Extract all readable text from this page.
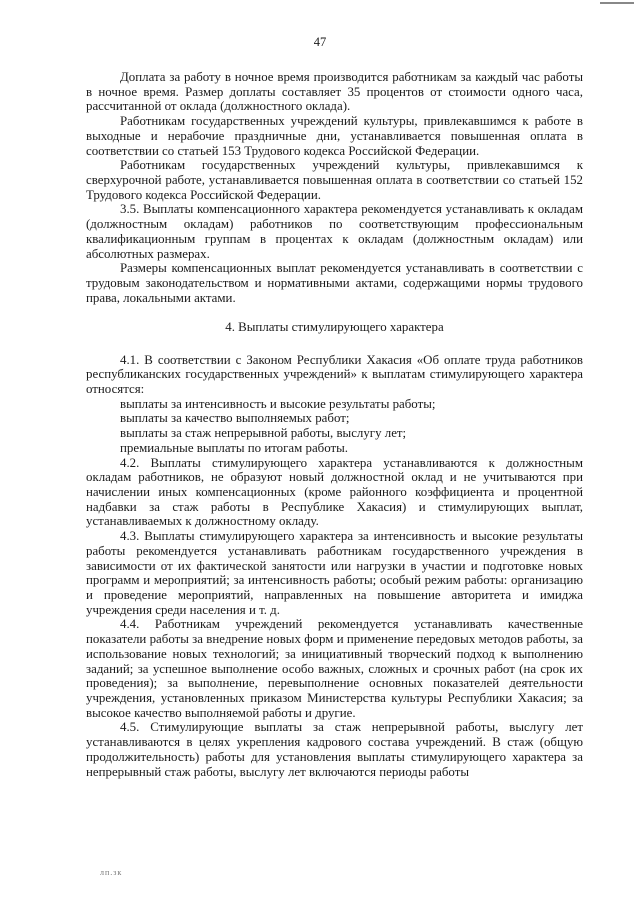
47

Доплата за работу в ночное время производится работникам за каждый час работы в ночное время. Размер доплаты составляет 35 процентов от стоимости одного часа, рассчитанной от оклада (должностного оклада).

Работникам государственных учреждений культуры, привлекавшимся к работе в выходные и нерабочие праздничные дни, устанавливается повышенная оплата в соответствии со статьей 153 Трудового кодекса Российской Федерации.

Работникам государственных учреждений культуры, привлекавшимся к сверхурочной работе, устанавливается повышенная оплата в соответствии со статьей 152 Трудового кодекса Российской Федерации.

3.5. Выплаты компенсационного характера рекомендуется устанавливать к окладам (должностным окладам) работников по соответствующим профессиональным квалификационным группам в процентах к окладам (должностным окладам) или абсолютных размерах.

Размеры компенсационных выплат рекомендуется устанавливать в соответствии с трудовым законодательством и нормативными актами, содержащими нормы трудового права, локальными актами.

4. Выплаты стимулирующего характера

4.1. В соответствии с Законом Республики Хакасия «Об оплате труда работников республиканских государственных учреждений» к выплатам стимулирующего характера относятся:

выплаты за интенсивность и высокие результаты работы;

выплаты за качество выполняемых работ;

выплаты за стаж непрерывной работы, выслугу лет;

премиальные выплаты по итогам работы.

4.2. Выплаты стимулирующего характера устанавливаются к должностным окладам работников, не образуют новый должностной оклад и не учитываются при начислении иных компенсационных (кроме районного коэффициента и процентной надбавки за стаж работы в Республике Хакасия) и стимулирующих выплат, устанавливаемых к должностному окладу.

4.3. Выплаты стимулирующего характера за интенсивность и высокие результаты работы рекомендуется устанавливать работникам государственного учреждения в зависимости от их фактической занятости или нагрузки в участии и подготовке новых программ и мероприятий; за интенсивность работы; особый режим работы: организацию и проведение мероприятий, направленных на повышение авторитета и имиджа учреждения среди населения и т. д.

4.4. Работникам учреждений рекомендуется устанавливать качественные показатели работы за внедрение новых форм и применение передовых методов работы, за использование новых технологий; за инициативный творческий подход к выполнению заданий; за успешное выполнение особо важных, сложных и срочных работ (на срок их проведения); за выполнение, перевыполнение основных показателей деятельности учреждения, установленных приказом Министерства культуры Республики Хакасия; за высокое качество выполняемой работы и другие.

4.5. Стимулирующие выплаты за стаж непрерывной работы, выслугу лет устанавливаются в целях укрепления кадрового состава учреждений. В стаж (общую продолжительность) работы для установления выплаты стимулирующего характера за непрерывный стаж работы, выслугу лет включаются периоды работы

лп.зк
